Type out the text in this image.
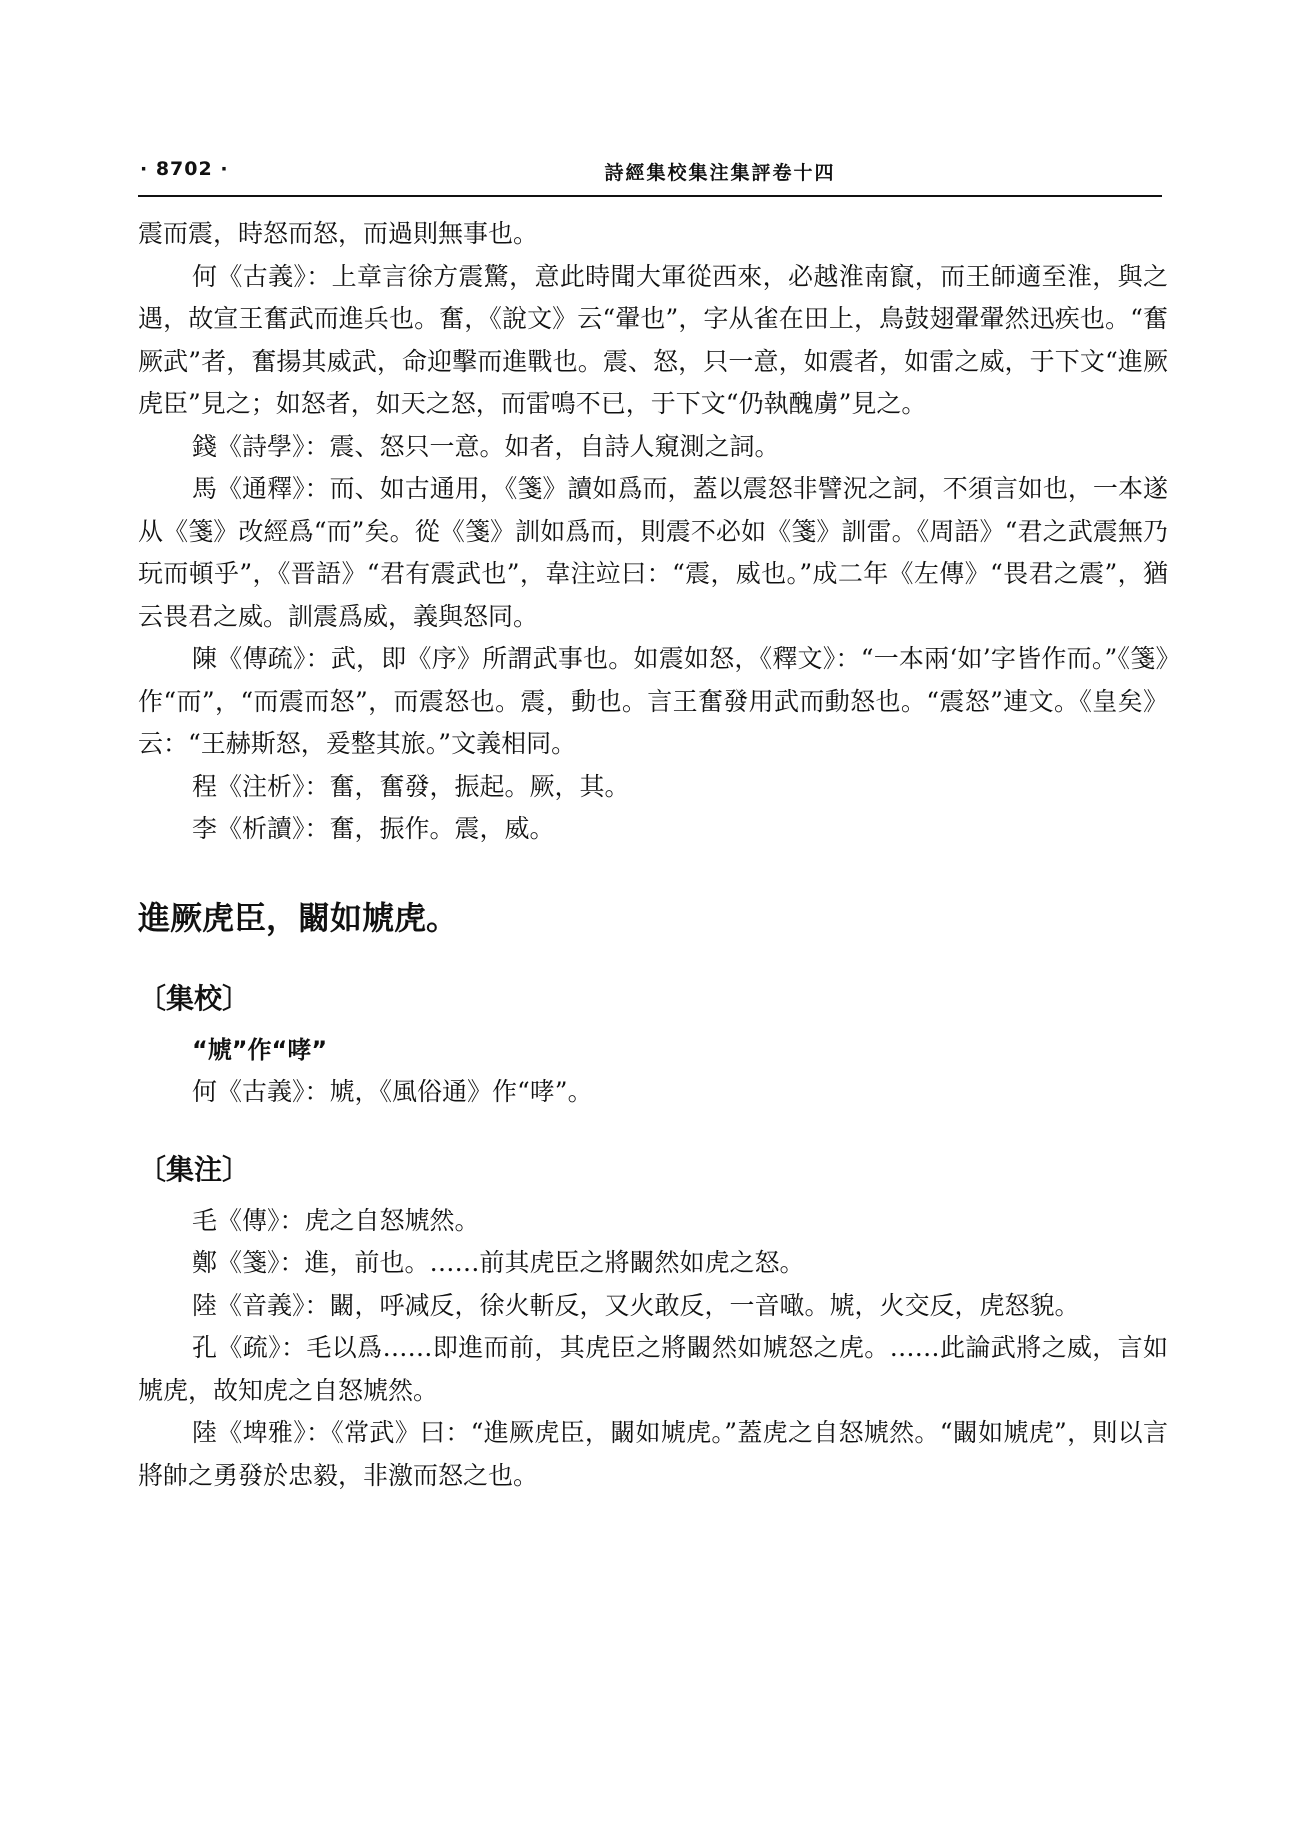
· 8702 ·	詩經集校集注集評卷十四

震而震，時怒而怒，而過則無事也。

何《古義》：上章言徐方震驚，意此時聞大軍從西來，必越淮南竄，而王師適至淮，與之遇，故宣王奮武而進兵也。奮，《說文》云“翬也”，字从雀在田上，鳥鼓翅翬翬然迅疾也。“奮厥武”者，奮揚其威武，命迎擊而進戰也。震、怒，只一意，如震者，如雷之威，于下文“進厥虎臣”見之；如怒者，如天之怒，而雷鳴不已，于下文“仍執醜虜”見之。

錢《詩學》：震、怒只一意。如者，自詩人窺測之詞。

馬《通釋》：而、如古通用，《箋》讀如爲而，蓋以震怒非譬況之詞，不須言如也，一本遂从《箋》改經爲“而”矣。從《箋》訓如爲而，則震不必如《箋》訓雷。《周語》“君之武震無乃玩而頓乎”，《晋語》“君有震武也”，韋注竝曰：“震，威也。”成二年《左傳》“畏君之震”，猶云畏君之威。訓震爲威，義與怒同。

陳《傳疏》：武，即《序》所謂武事也。如震如怒，《釋文》：“一本兩‘如’字皆作而。”《箋》作“而”，“而震而怒”，而震怒也。震，動也。言王奮發用武而動怒也。“震怒”連文。《皇矣》云：“王赫斯怒，爰整其旅。”文義相同。

程《注析》：奮，奮發，振起。厥，其。

李《析讀》：奮，振作。震，威。

進厥虎臣，闞如虓虎。
〔集校〕
“虓”作“哮”

何《古義》：虓，《風俗通》作“哮”。

〔集注〕

毛《傳》：虎之自怒虓然。

鄭《箋》：進，前也。……前其虎臣之將闞然如虎之怒。

陸《音義》：闞，呼减反，徐火斬反，又火敢反，一音噉。虓，火交反，虎怒貌。

孔《疏》：毛以爲……即進而前，其虎臣之將闞然如虓怒之虎。……此論武將之威，言如虓虎，故知虎之自怒虓然。

陸《埤雅》：《常武》曰：“進厥虎臣，闞如虓虎。”蓋虎之自怒虓然。“闞如虓虎”，則以言將帥之勇發於忠毅，非激而怒之也。
